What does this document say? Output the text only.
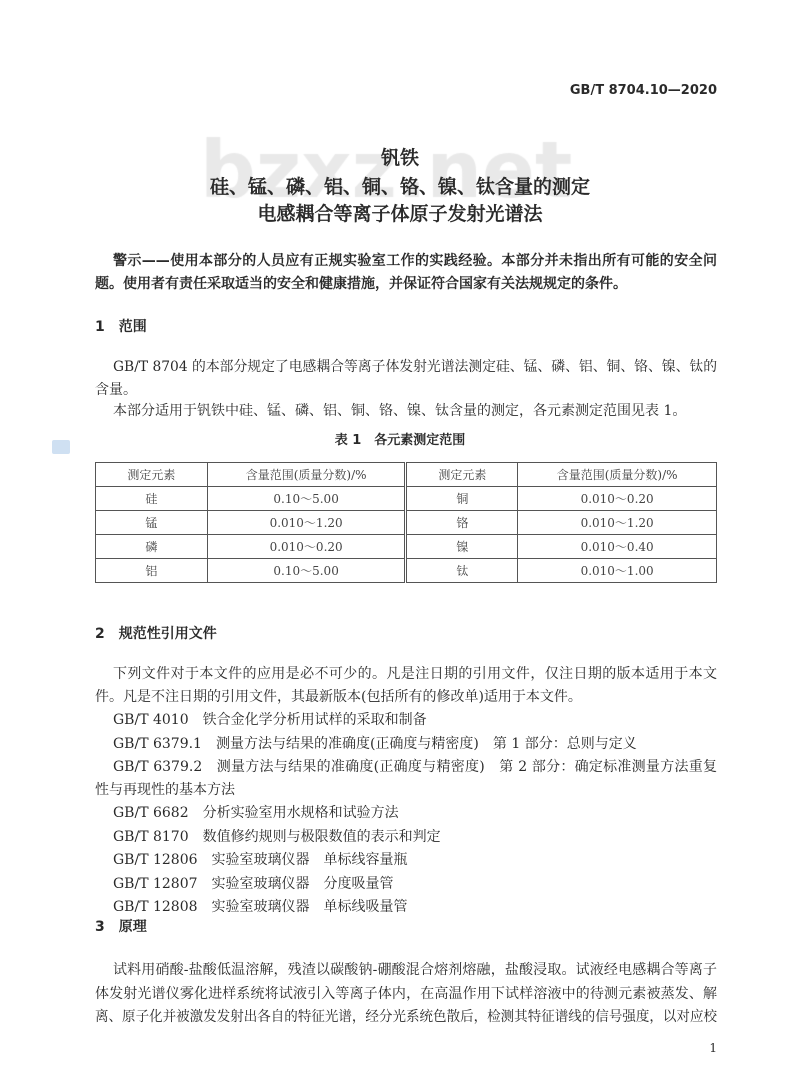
GB/T 8704.10—2020
钒铁
硅、锰、磷、铝、铜、铬、镍、钛含量的测定
电感耦合等离子体原子发射光谱法
警示——使用本部分的人员应有正规实验室工作的实践经验。本部分并未指出所有可能的安全问
题。使用者有责任采取适当的安全和健康措施，并保证符合国家有关法规规定的条件。
1　范围
GB/T 8704 的本部分规定了电感耦合等离子体发射光谱法测定硅、锰、磷、铝、铜、铬、镍、钛的
含量。
本部分适用于钒铁中硅、锰、磷、铝、铜、铬、镍、钛含量的测定，各元素测定范围见表 1。
表 1　各元素测定范围
测定元素	含量范围(质量分数)/%	测定元素	含量范围(质量分数)/%
硅	0.10～5.00	铜	0.010～0.20
锰	0.010～1.20	铬	0.010～1.20
磷	0.010～0.20	镍	0.010～0.40
铝	0.10～5.00	钛	0.010～1.00
2　规范性引用文件
下列文件对于本文件的应用是必不可少的。凡是注日期的引用文件，仅注日期的版本适用于本文
件。凡是不注日期的引用文件，其最新版本(包括所有的修改单)适用于本文件。
GB/T 4010　铁合金化学分析用试样的采取和制备
GB/T 6379.1　测量方法与结果的准确度(正确度与精密度)　第 1 部分：总则与定义
GB/T 6379.2　测量方法与结果的准确度(正确度与精密度)　第 2 部分：确定标准测量方法重复
性与再现性的基本方法
GB/T 6682　分析实验室用水规格和试验方法
GB/T 8170　数值修约规则与极限数值的表示和判定
GB/T 12806　实验室玻璃仪器　单标线容量瓶
GB/T 12807　实验室玻璃仪器　分度吸量管
GB/T 12808　实验室玻璃仪器　单标线吸量管
3　原理
试料用硝酸-盐酸低温溶解，残渣以碳酸钠-硼酸混合熔剂熔融，盐酸浸取。试液经电感耦合等离子
体发射光谱仪雾化进样系统将试液引入等离子体内，在高温作用下试样溶液中的待测元素被蒸发、解
离、原子化并被激发发射出各自的特征光谱，经分光系统色散后，检测其特征谱线的信号强度，以对应校
1
